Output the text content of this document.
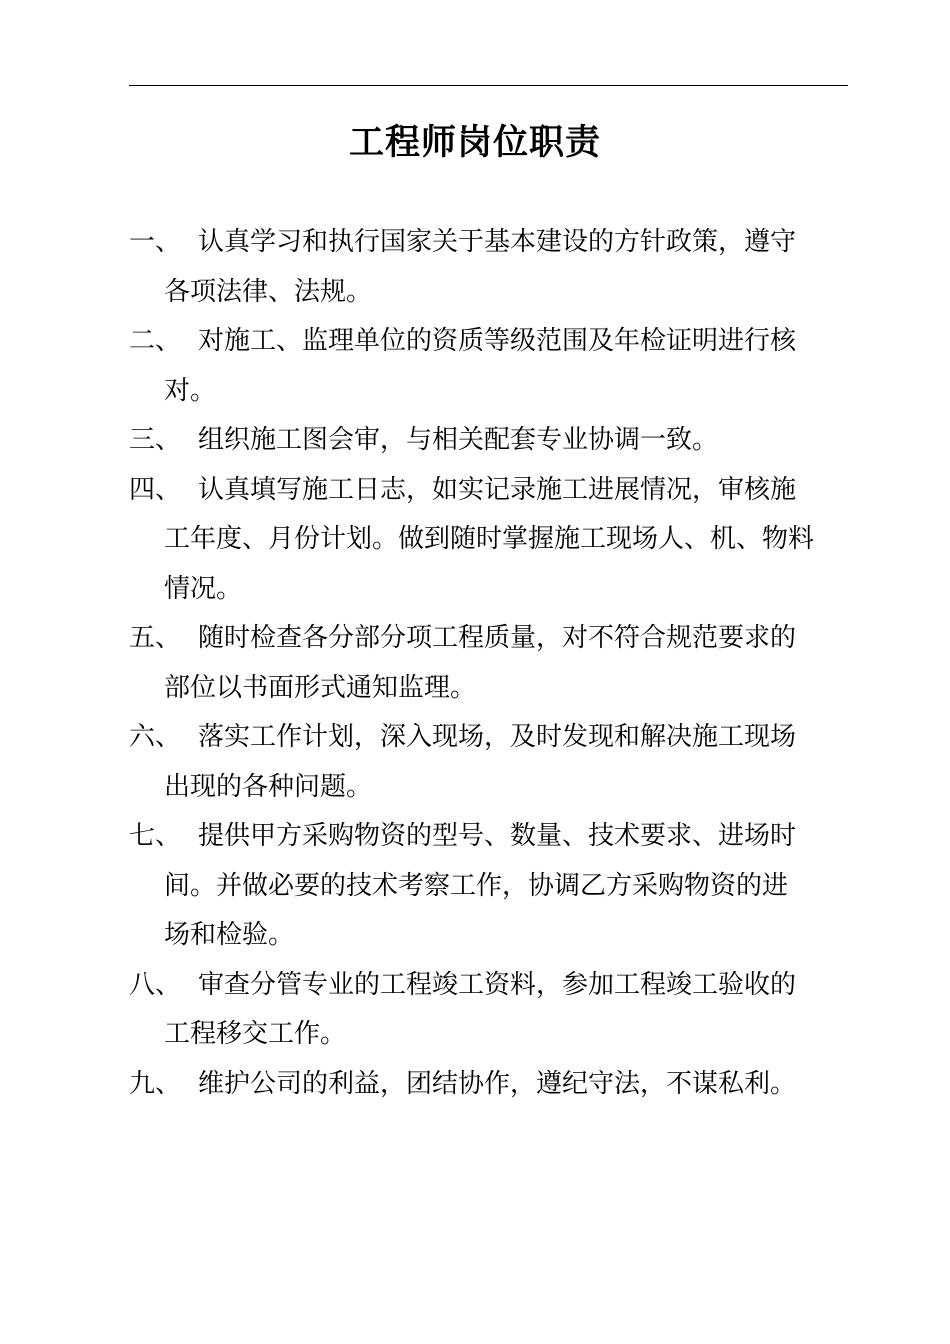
工程师岗位职责
一、 认真学习和执行国家关于基本建设的方针政策，遵守
各项法律、法规。
二、 对施工、监理单位的资质等级范围及年检证明进行核
对。
三、 组织施工图会审，与相关配套专业协调一致。
四、 认真填写施工日志，如实记录施工进展情况，审核施
工年度、月份计划。做到随时掌握施工现场人、机、物料
情况。
五、 随时检查各分部分项工程质量，对不符合规范要求的
部位以书面形式通知监理。
六、 落实工作计划，深入现场，及时发现和解决施工现场
出现的各种问题。
七、 提供甲方采购物资的型号、数量、技术要求、进场时
间。并做必要的技术考察工作，协调乙方采购物资的进
场和检验。
八、 审查分管专业的工程竣工资料，参加工程竣工验收的
工程移交工作。
九、 维护公司的利益，团结协作，遵纪守法，不谋私利。
